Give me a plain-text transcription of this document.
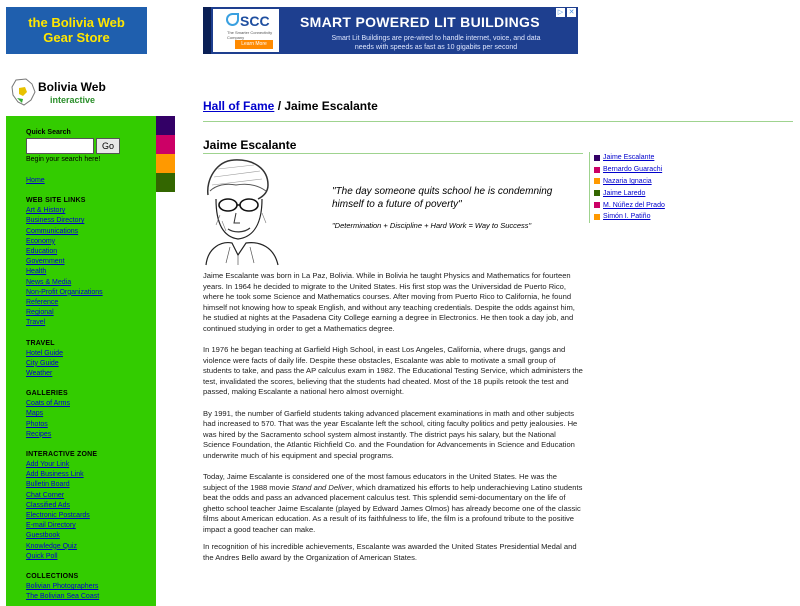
the Bolivia Web
Gear Store
AD INFO	SCC
The Smarter Connectivity Company
Learn More
SMART POWERED LIT BUILDINGS
Smart Lit Buildings are pre-wired to handle internet, voice, and data needs with speeds as fast as 10 gigabits per second
▷ ✕
Bolivia Web
interactive
Quick Search
Go
Begin your search here!
Home
WEB SITE LINKS
Art & History
Business Directory
Communications
Economy
Education
Government
Health
News & Media
Non-Profit Organizations
Reference
Regional
Travel
TRAVEL
Hotel Guide
City Guide
Weather
GALLERIES
Coats of Arms
Maps
Photos
Recipes
INTERACTIVE ZONE
Add Your Link
Add Business Link
Bulletin Board
Chat Corner
Classified Ads
Electronic Postcards
E-mail Directory
Guestbook
Knowledge Quiz
Quick Poll
COLLECTIONS
Bolivian Photographers
The Bolivian Sea Coast
Hall of Fame / Jaime Escalante
Jaime Escalante
"The day someone quits school he is condemning himself to a future of poverty"
"Determination + Discipline + Hard Work = Way to Success"

Jaime Escalante was born in La Paz, Bolivia. While in Bolivia he taught Physics and Mathematics for fourteen years. In 1964 he decided to migrate to the United States. His first stop was the Universidad de Puerto Rico, where he took some Science and Mathematics courses. After moving from Puerto Rico to California, he found himself not knowing how to speak English, and without any teaching credentials. Despite the odds against him, he studied at nights at the Pasadena City College earning a degree in Electronics. He then took a day job, and continued studying in order to get a Mathematics degree.

In 1976 he began teaching at Garfield High School, in east Los Angeles, California, where drugs, gangs and violence were facts of daily life. Despite these obstacles, Escalante was able to motivate a small group of students to take, and pass the AP calculus exam in 1982. The Educational Testing Service, which administers the test, invalidated the scores, believing that the students had cheated. Most of the 18 pupils retook the test and passed, making Escalante a national hero almost overnight.

By 1991, the number of Garfield students taking advanced placement examinations in math and other subjects had increased to 570. That was the year Escalante left the school, citing faculty politics and petty jealousies. He was hired by the Sacramento school system almost instantly. The district pays his salary, but the National Science Foundation, the Atlantic Richfield Co. and the Foundation for Advancements in Science and Education underwrite much of his equipment and special programs.

Today, Jaime Escalante is considered one of the most famous educators in the United States. He was the subject of the 1988 movie Stand and Deliver, which dramatized his efforts to help underachieving Latino students beat the odds and pass an advanced placement calculus test. This splendid semi-documentary on the life of ghetto school teacher Jaime Escalante (played by Edward James Olmos) has already become one of the classic films about American education. As a result of its faithfulness to life, the film is a profound tribute to the positive impact a good teacher can make.

In recognition of his incredible achievements, Escalante was awarded the United States Presidential Medal and the Andres Bello award by the Organization of American States.

Jaime Escalante
Bernardo Guarachi
Nazaria Ignacia
Jaime Laredo
M. Núñez del Prado
Simón I. Patiño
